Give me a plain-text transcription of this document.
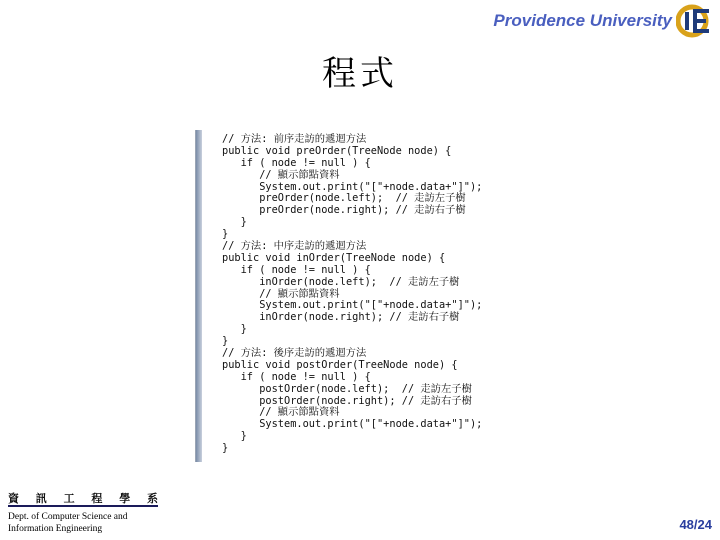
Providence University
程式
// 方法: 前序走訪的遞迴方法
public void preOrder(TreeNode node) {
if ( node != null ) {
// 顯示節點資料
System.out.print("["+node.data+"]");
preOrder(node.left);  // 走訪左子樹
preOrder(node.right); // 走訪右子樹
}
}
// 方法: 中序走訪的遞迴方法
public void inOrder(TreeNode node) {
if ( node != null ) {
inOrder(node.left);  // 走訪左子樹
// 顯示節點資料
System.out.print("["+node.data+"]");
inOrder(node.right); // 走訪右子樹
}
}
// 方法: 後序走訪的遞迴方法
public void postOrder(TreeNode node) {
if ( node != null ) {
postOrder(node.left);  // 走訪左子樹
postOrder(node.right); // 走訪右子樹
// 顯示節點資料
System.out.print("["+node.data+"]");
}
}
資 訊 工 程 學 系
Dept. of Computer Science and
Information Engineering	48/24
